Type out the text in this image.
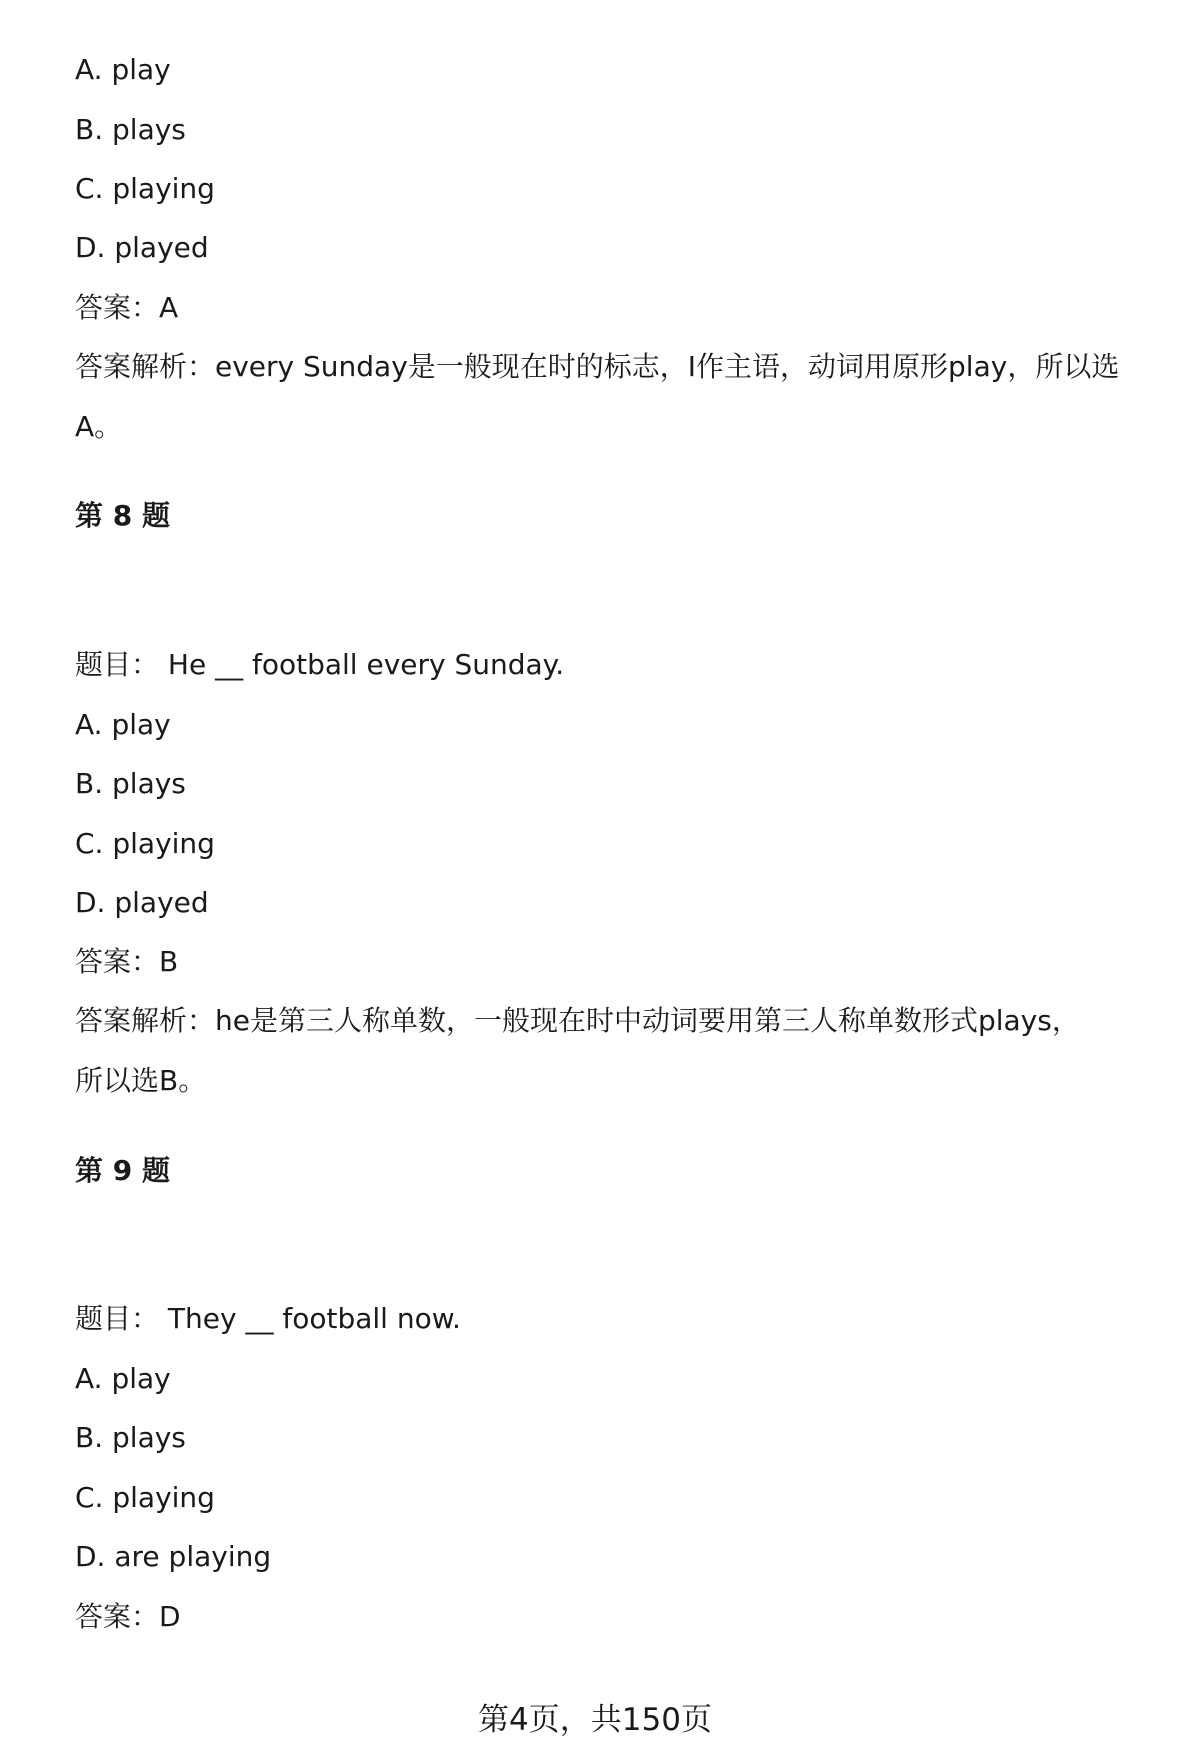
A. play

B. plays

C. playing

D. played

答案：A

答案解析：every Sunday是一般现在时的标志，I作主语，动词用原形play，所以选

A。

第 8 题

题目： He __ football every Sunday.

A. play

B. plays

C. playing

D. played

答案：B

答案解析：he是第三人称单数，一般现在时中动词要用第三人称单数形式plays，

所以选B。

第 9 题

题目： They __ football now.

A. play

B. plays

C. playing

D. are playing

答案：D

第4页，共150页
